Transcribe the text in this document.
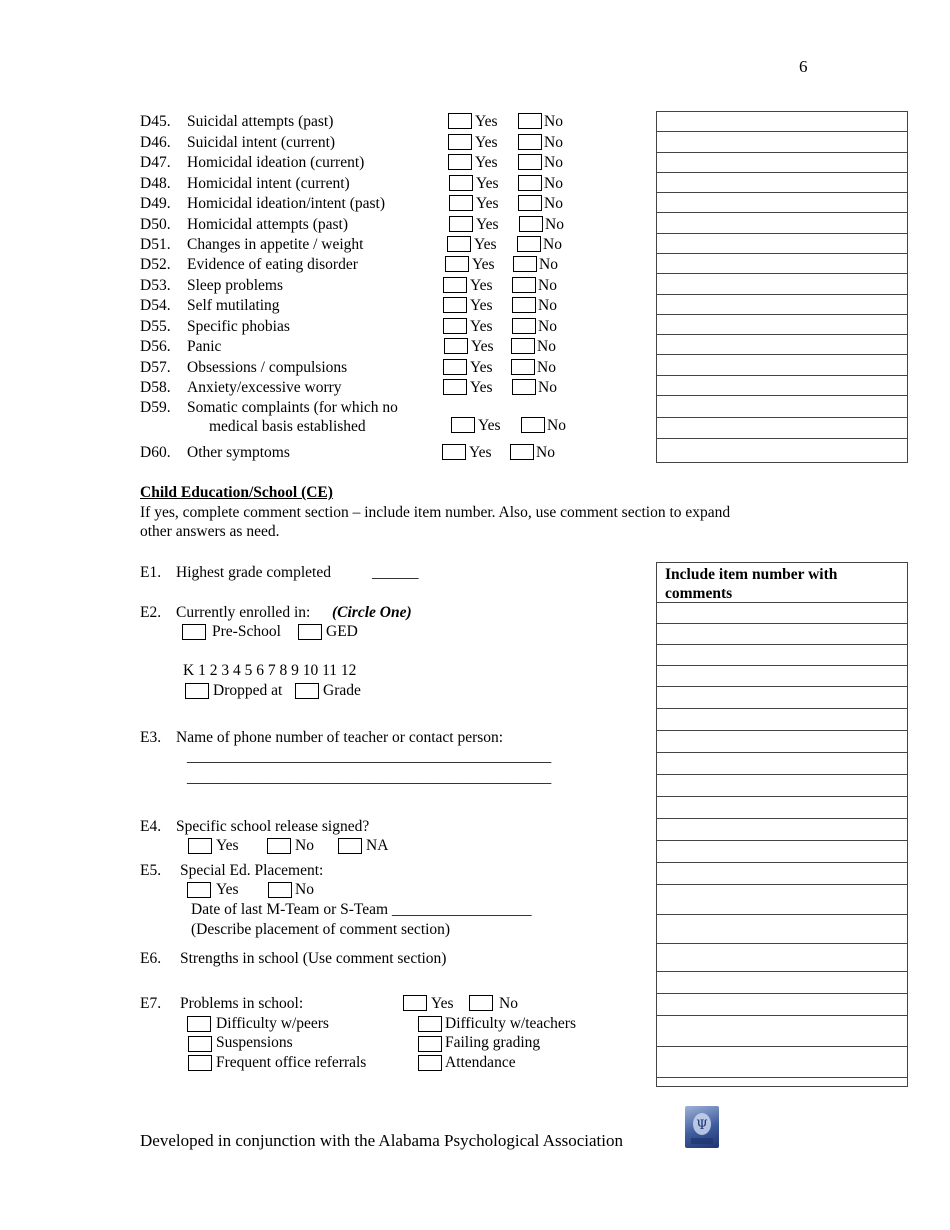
6
D45. Suicidal attempts (past)	Yes	No
D46. Suicidal intent (current)	Yes	No
D47. Homicidal ideation (current)	Yes	No
D48. Homicidal intent (current)	Yes	No
D49. Homicidal ideation/intent (past)	Yes	No
D50. Homicidal attempts (past)	Yes	No
D51. Changes in appetite / weight	Yes	No
D52. Evidence of eating disorder	Yes	No
D53. Sleep problems	Yes	No
D54. Self mutilating	Yes	No
D55. Specific phobias	Yes	No
D56. Panic	Yes	No
D57. Obsessions / compulsions	Yes	No
D58. Anxiety/excessive worry	Yes	No
D59. Somatic complaints (for which no
medical basis established	Yes	No
D60. Other symptoms	Yes	No
Child Education/School (CE)
If yes, complete comment section – include item number. Also, use comment section to expand
other answers as need.
Include item number with comments
E1. Highest grade completed	______
E2. Currently enrolled in: (Circle One)
Pre-School	GED
K 1 2 3 4 5 6 7 8 9 10 11 12
Dropped at	Grade
E3. Name of phone number of teacher or contact person:
_______________________________________________
_______________________________________________
E4. Specific school release signed?
Yes	No	NA
E5. Special Ed. Placement:
Yes	No
Date of last M-Team or S-Team __________________
(Describe placement of comment section)
E6. Strengths in school (Use comment section)
E7. Problems in school:	Yes	No
Difficulty w/peers	Difficulty w/teachers
Suspensions	Failing grading
Frequent office referrals	Attendance
Developed in conjunction with the Alabama Psychological Association
Ψ
